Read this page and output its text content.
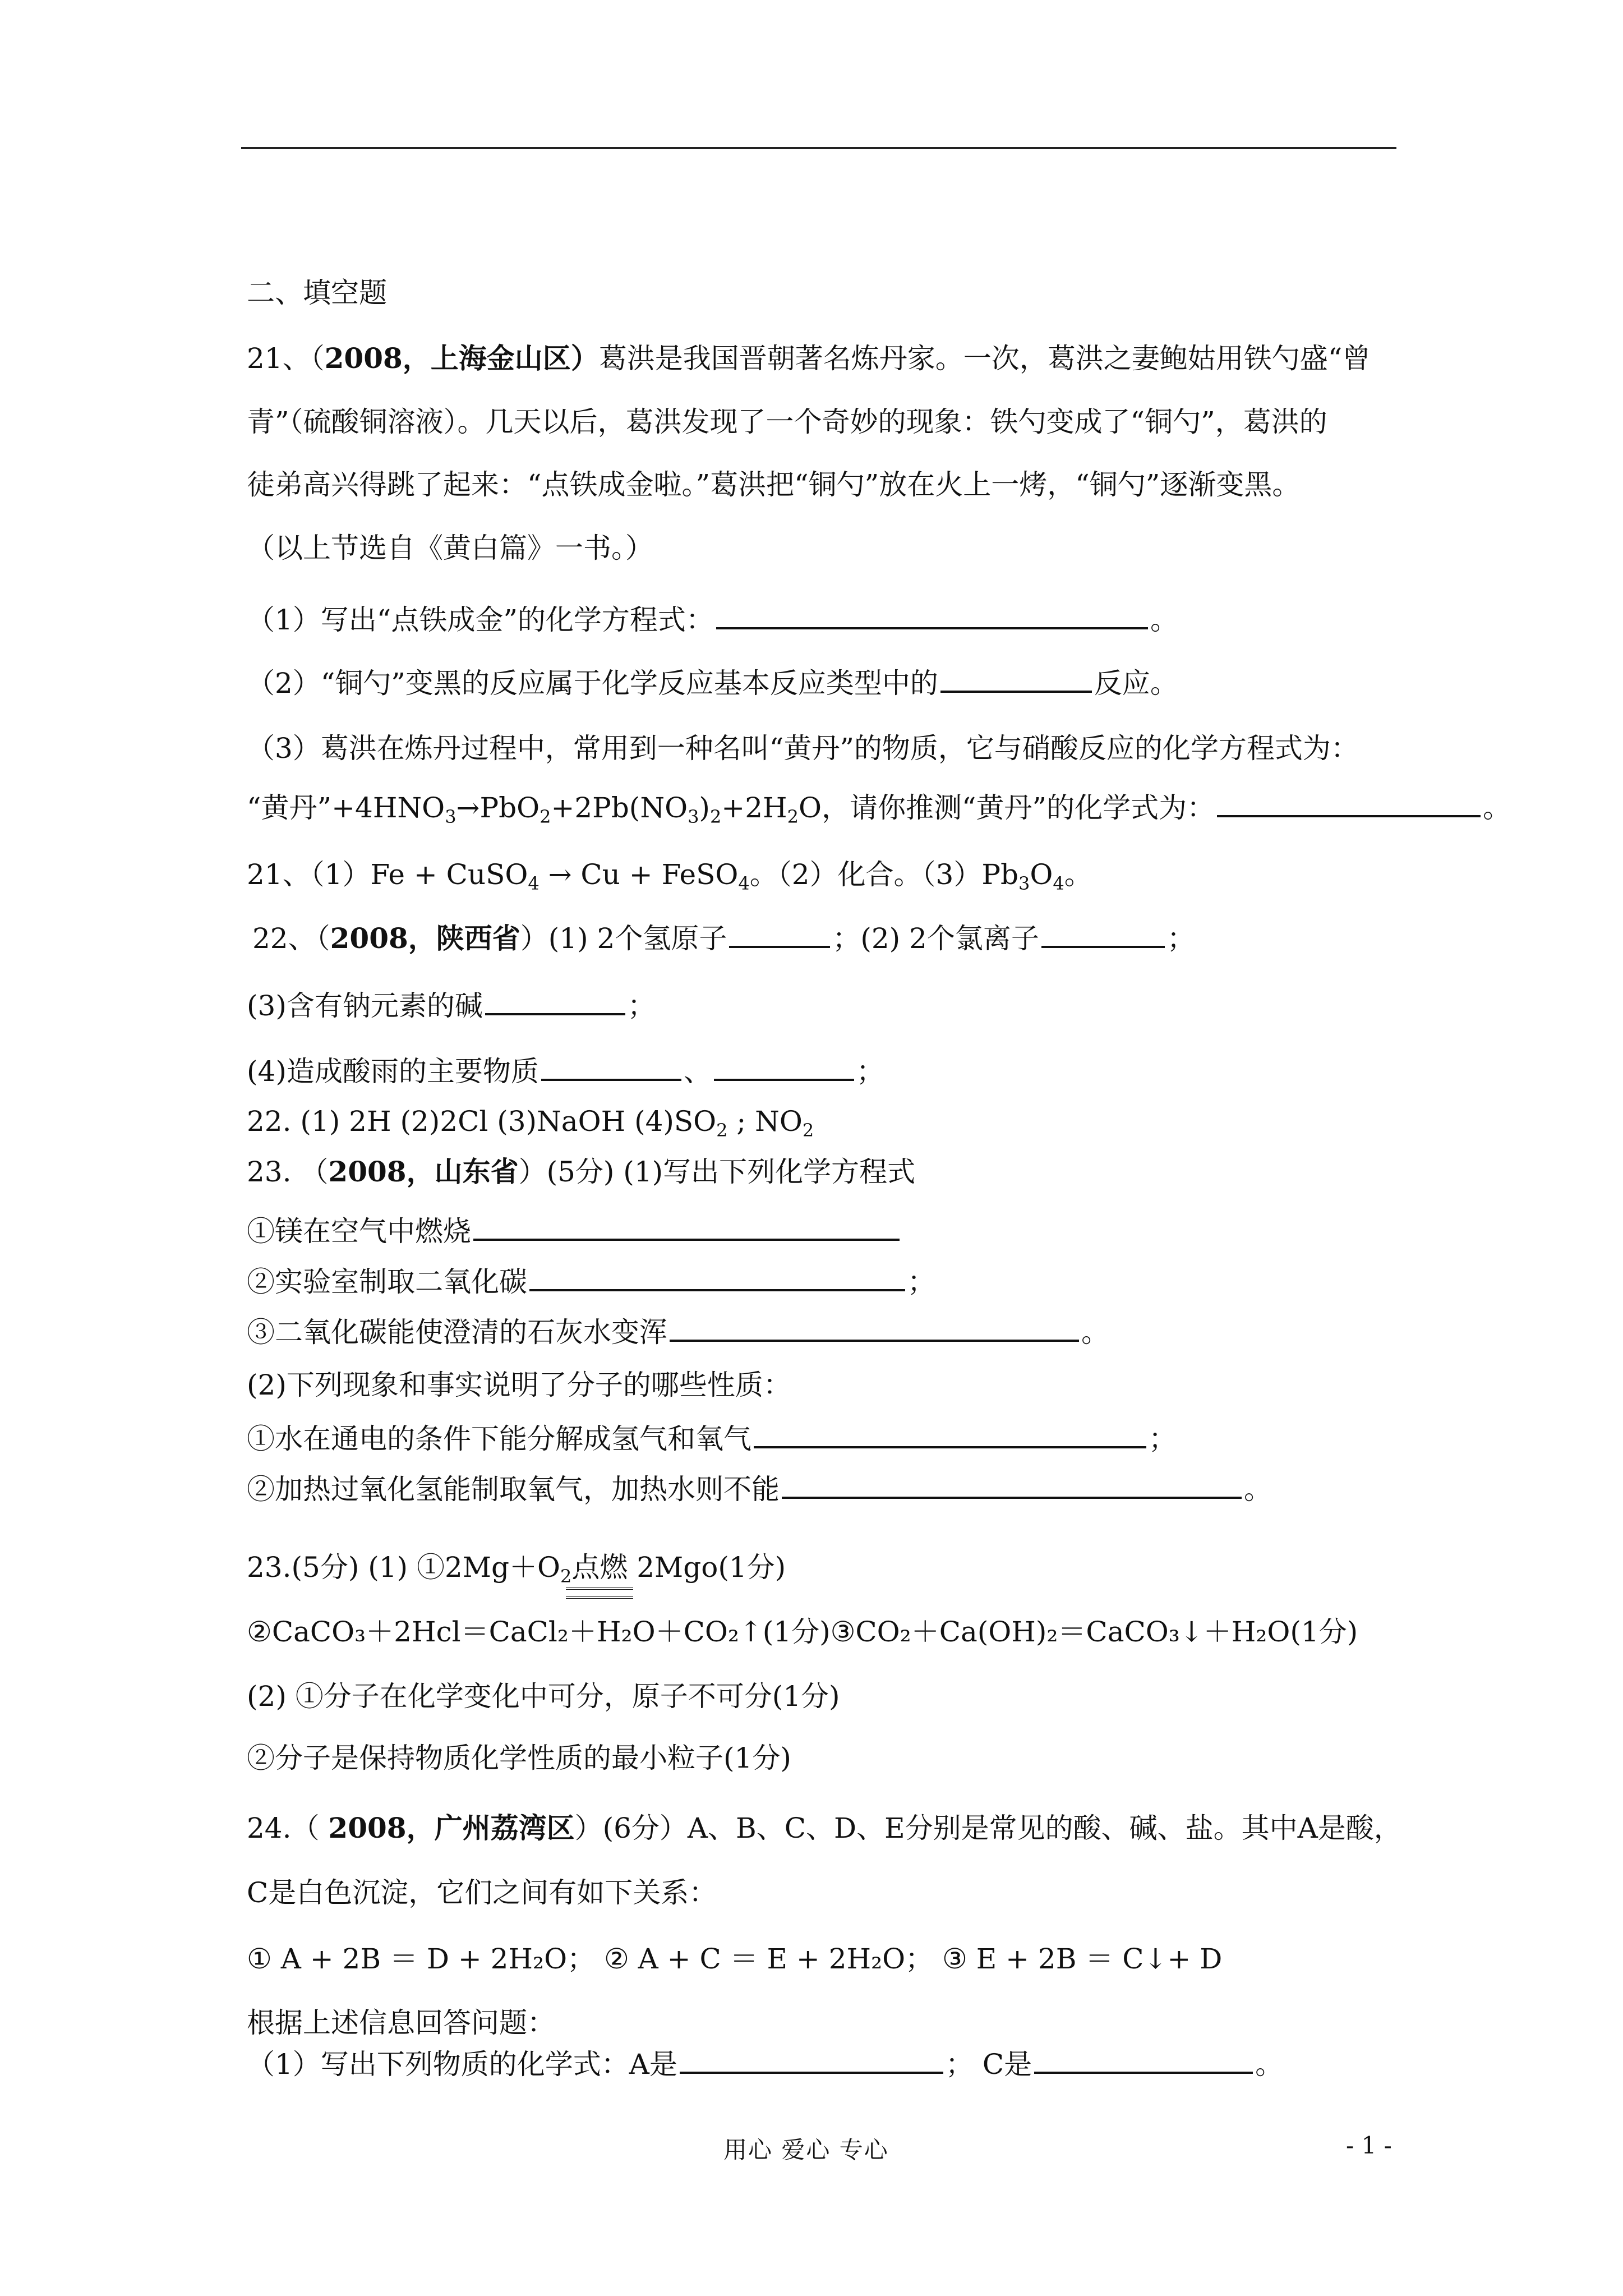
二、填空题
21、（2008，上海金山区）葛洪是我国晋朝著名炼丹家。一次，葛洪之妻鲍姑用铁勺盛“曾
青”（硫酸铜溶液）。几天以后，葛洪发现了一个奇妙的现象：铁勺变成了“铜勺”，葛洪的
徒弟高兴得跳了起来：“点铁成金啦。”葛洪把“铜勺”放在火上一烤，“铜勺”逐渐变黑。
（以上节选自《黄白篇》一书。）
（1）写出“点铁成金”的化学方程式：	。
（2）“铜勺”变黑的反应属于化学反应基本反应类型中的	反应。
（3）葛洪在炼丹过程中，常用到一种名叫“黄丹”的物质，它与硝酸反应的化学方程式为：
“黄丹$”+4HNO_3\to PbO_2+2Pb(NO_3)_2+2H_2O$，请你推测“黄丹”的化学式为：	。
21、（1）Fe + CuSO$_4$ → Cu + FeSO$_4$。（2）化合。$(3)Pb_3O_4$。
22、（2008，陕西省）(1) 2个氢原子	；(2) 2个氯离子	；
(3)含有钠元素的碱	；
(4)造成酸雨的主要物质	、	；
22. (1) 2H (2)2Cl (3)NaOH $(4)SO_2$ ; $NO_2$
23. （2008，山东省）(5分) (1)写出下列化学方程式
①镁在空气中燃烧
②实验室制取二氧化碳	；
③二氧化碳能使澄清的石灰水变浑	。
(2)下列现象和事实说明了分子的哪些性质：
①水在通电的条件下能分解成氢气和氧气	；
②加热过氧化氢能制取氧气，加热水则不能	。
23.(5分) (1) $①2Mg+O_2$点燃 2Mgo(1分)
②CaCO₃＋2Hcl＝CaCl₂＋H₂O＋CO₂↑(1分)③CO₂＋Ca(OH)₂＝CaCO₃↓＋H₂O(1分)
(2) ①分子在化学变化中可分，原子不可分(1分)
②分子是保持物质化学性质的最小粒子(1分)
24.（ 2008，广州荔湾区）(6分）A、B、C、D、E分别是常见的酸、碱、盐。其中A是酸，
C是白色沉淀，它们之间有如下关系：
① A + 2B ＝ D + 2H₂O； ② A + C ＝ E + 2H₂O； ③ E + 2B ＝ C↓+ D
根据上述信息回答问题：
（1）写出下列物质的化学式：A是	； C是	。
用心 爱心 专心	- 1 -
